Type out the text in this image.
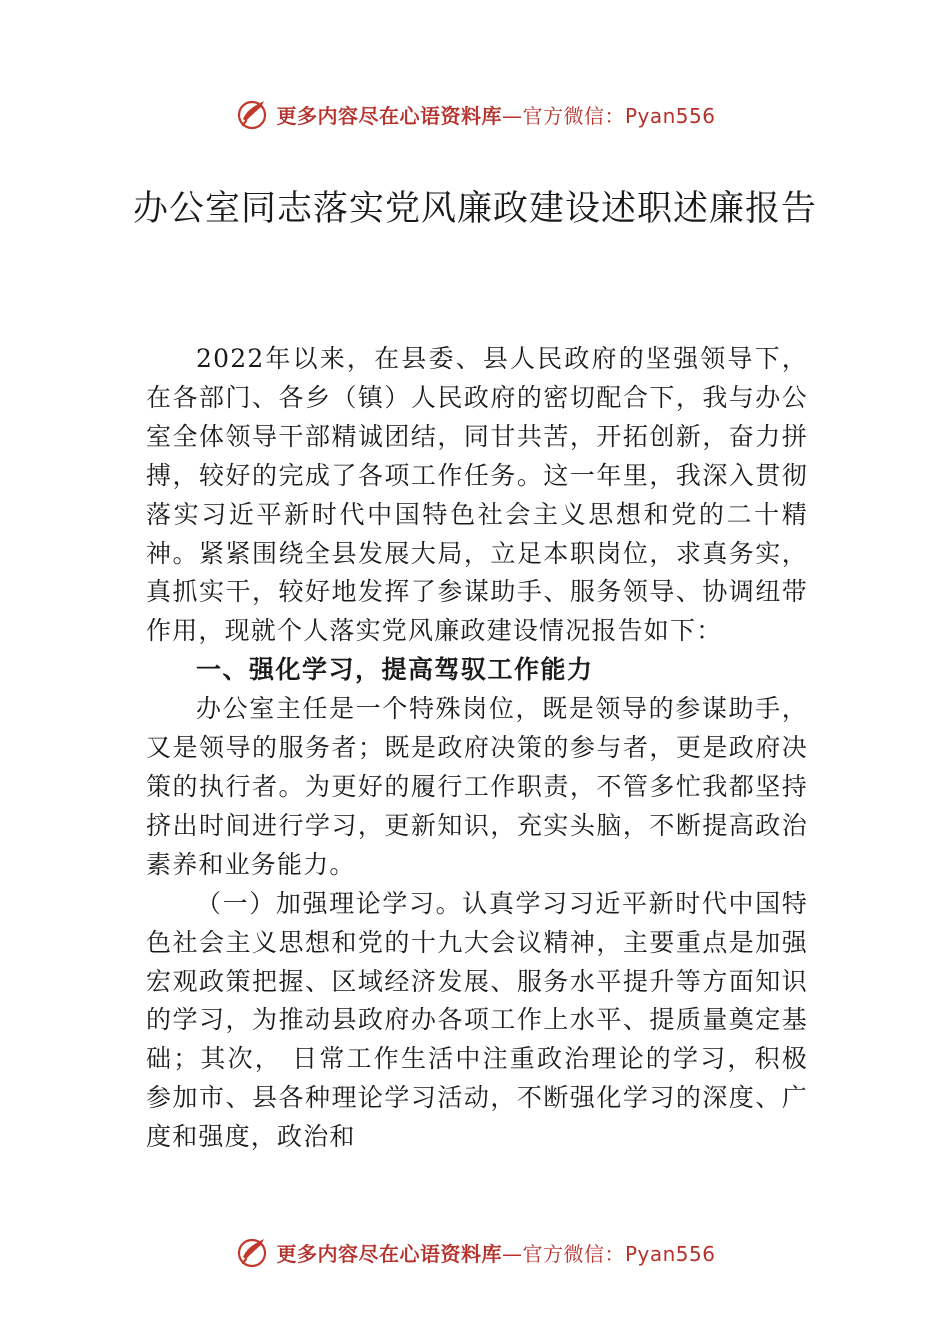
更多内容尽在心语资料库—官方微信：Pyan556
办公室同志落实党风廉政建设述职述廉报告

2022年以来，在县委、县人民政府的坚强领导下，在各部门、各乡（镇）人民政府的密切配合下，我与办公室全体领导干部精诚团结，同甘共苦，开拓创新，奋力拼搏，较好的完成了各项工作任务。这一年里，我深入贯彻落实习近平新时代中国特色社会主义思想和党的二十精神。紧紧围绕全县发展大局，立足本职岗位，求真务实，真抓实干，较好地发挥了参谋助手、服务领导、协调纽带作用，现就个人落实党风廉政建设情况报告如下：

一、强化学习，提高驾驭工作能力

办公室主任是一个特殊岗位，既是领导的参谋助手，又是领导的服务者；既是政府决策的参与者，更是政府决策的执行者。为更好的履行工作职责，不管多忙我都坚持挤出时间进行学习，更新知识，充实头脑，不断提高政治素养和业务能力。

（一）加强理论学习。认真学习习近平新时代中国特色社会主义思想和党的十九大会议精神，主要重点是加强宏观政策把握、区域经济发展、服务水平提升等方面知识的学习，为推动县政府办各项工作上水平、提质量奠定基础；其次， 日常工作生活中注重政治理论的学习，积极参加市、县各种理论学习活动，不断强化学习的深度、广度和强度，政治和

更多内容尽在心语资料库—官方微信：Pyan556
